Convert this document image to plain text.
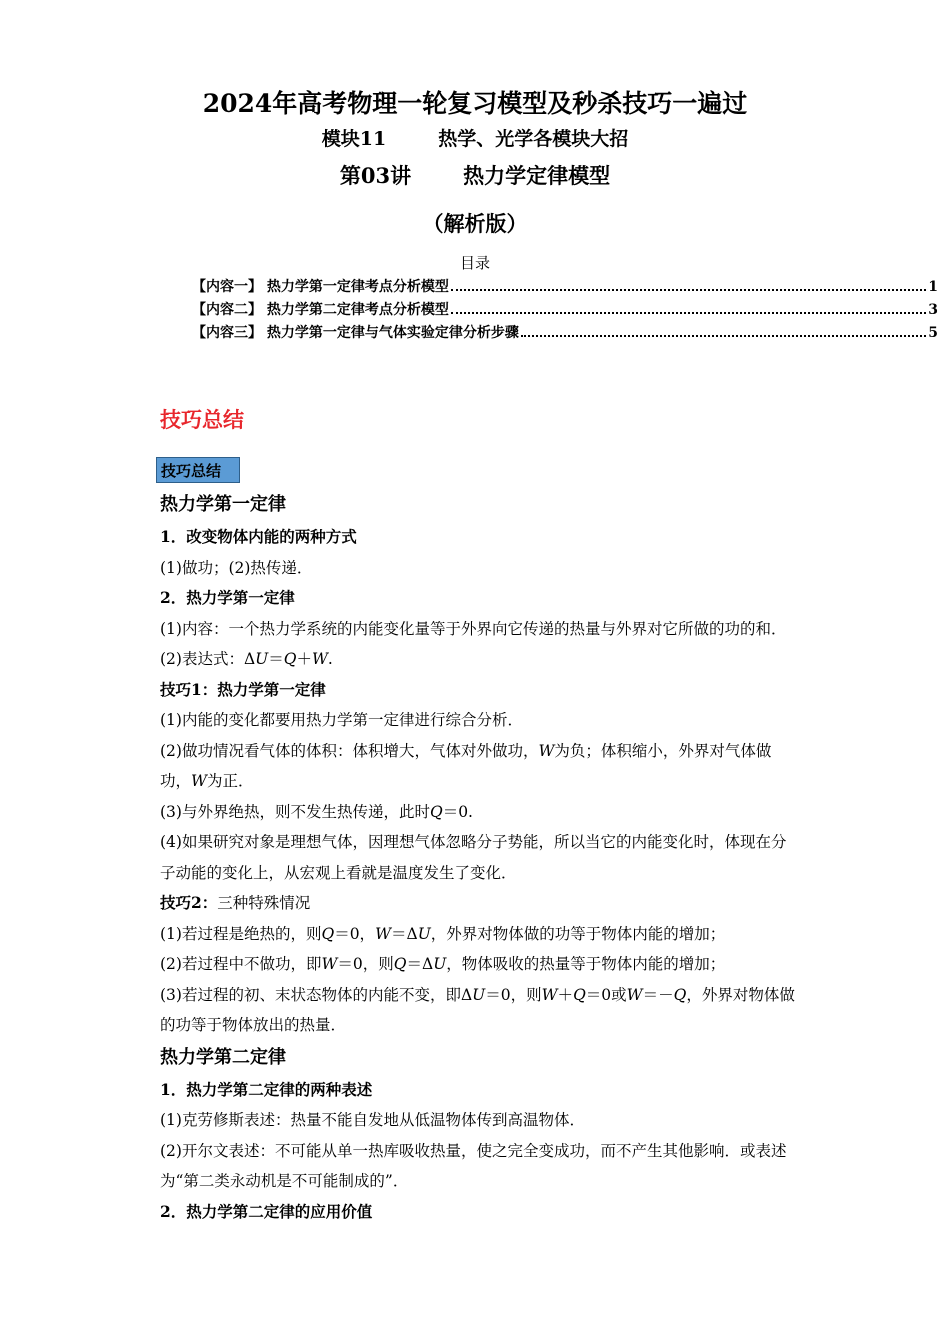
2024年高考物理一轮复习模型及秒杀技巧一遍过
模块11	热学、光学各模块大招
第03讲 热力学定律模型
（解析版）
目录
【内容一】 热力学第一定律考点分析模型	1
【内容二】 热力学第二定律考点分析模型	3
【内容三】 热力学第一定律与气体实验定律分析步骤	5
技巧总结
技巧总结

热力学第一定律

1．改变物体内能的两种方式

(1)做功；(2)热传递．

2．热力学第一定律

(1)内容：一个热力学系统的内能变化量等于外界向它传递的热量与外界对它所做的功的和．

(2)表达式：ΔU＝Q＋W.

技巧1：热力学第一定律

(1)内能的变化都要用热力学第一定律进行综合分析．

(2)做功情况看气体的体积：体积增大，气体对外做功，W为负；体积缩小，外界对气体做功，W为正．

(3)与外界绝热，则不发生热传递，此时Q＝0.

(4)如果研究对象是理想气体，因理想气体忽略分子势能，所以当它的内能变化时，体现在分子动能的变化上，从宏观上看就是温度发生了变化．

技巧2：三种特殊情况

(1)若过程是绝热的，则Q＝0，W＝ΔU，外界对物体做的功等于物体内能的增加；

(2)若过程中不做功，即W＝0，则Q＝ΔU，物体吸收的热量等于物体内能的增加；

(3)若过程的初、末状态物体的内能不变，即ΔU＝0，则W＋Q＝0或W＝－Q，外界对物体做的功等于物体放出的热量．

热力学第二定律

1．热力学第二定律的两种表述

(1)克劳修斯表述：热量不能自发地从低温物体传到高温物体．

(2)开尔文表述：不可能从单一热库吸收热量，使之完全变成功，而不产生其他影响．或表述为“第二类永动机是不可能制成的”．

2．热力学第二定律的应用价值
